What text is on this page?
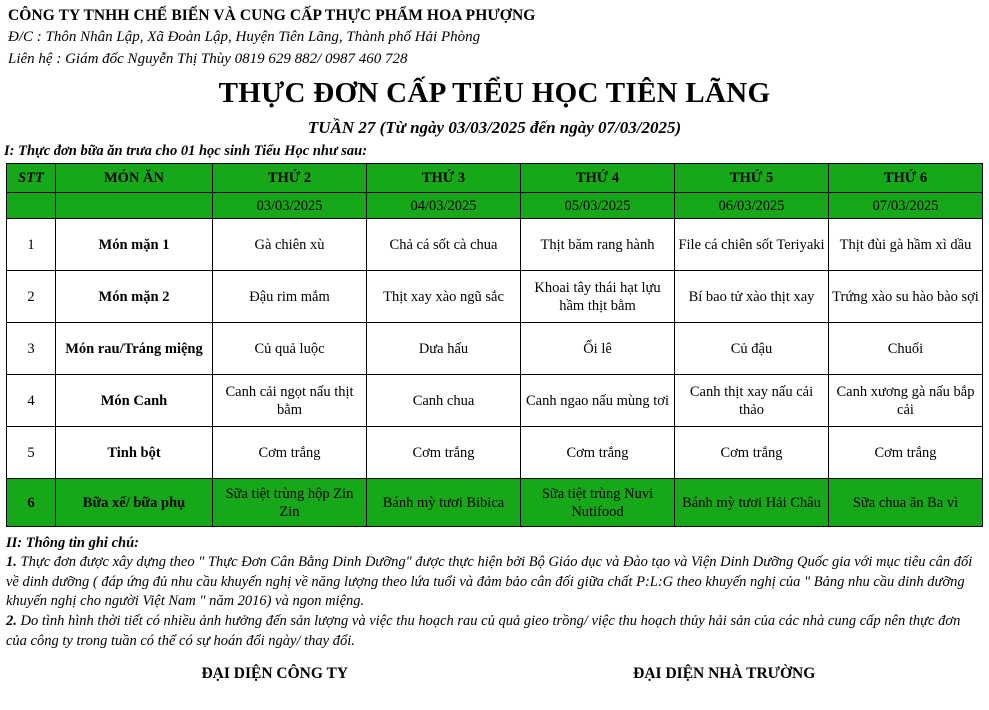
CÔNG TY TNHH CHẾ BIẾN VÀ CUNG CẤP THỰC PHẨM HOA PHƯỢNG
Đ/C : Thôn Nhân Lập, Xã Đoàn Lập, Huyện Tiên Lãng, Thành phố Hải Phòng
Liên hệ : Giám đốc Nguyễn Thị Thùy 0819 629 882/ 0987 460 728
THỰC ĐƠN CẤP TIỂU HỌC TIÊN LÃNG
TUẦN 27 (Từ ngày 03/03/2025 đến ngày 07/03/2025)
I: Thực đơn bữa ăn trưa cho 01 học sinh Tiểu Học như sau:
STT	MÓN ĂN	THỨ 2	THỨ 3	THỨ 4	THỨ 5	THỨ 6
		03/03/2025	04/03/2025	05/03/2025	06/03/2025	07/03/2025
1	Món mặn 1	Gà chiên xù	Chả cá sốt cà chua	Thịt băm rang hành	File cá chiên sốt Teriyaki	Thịt đùi gà hầm xì dầu
2	Món mặn 2	Đậu rim mắm	Thịt xay xào ngũ sắc	Khoai tây thái hạt lựu hầm thịt bằm	Bí bao tử xào thịt xay	Trứng xào su hào bào sợi
3	Món rau/Tráng miệng	Củ quả luộc	Dưa hấu	Ổi lê	Củ đậu	Chuối
4	Món Canh	Canh cải ngọt nấu thịt bằm	Canh chua	Canh ngao nấu mùng tơi	Canh thịt xay nấu cải thảo	Canh xương gà nấu bắp cải
5	Tinh bột	Cơm trắng	Cơm trắng	Cơm trắng	Cơm trắng	Cơm trắng
6	Bữa xế/ bữa phụ	Sữa tiệt trùng hộp Zin Zin	Bánh mỳ tươi Bibica	Sữa tiệt trùng Nuvi Nutifood	Bánh mỳ tươi Hải Châu	Sữa chua ăn Ba vì
II: Thông tin ghi chú:

1. Thực đơn được xây dựng theo " Thực Đơn Cân Bằng Dinh Dưỡng" được thực hiện bởi Bộ Giáo dục và Đào tạo và Viện Dinh Dưỡng Quốc gia với mục tiêu cân đối về dinh dưỡng ( đáp ứng đủ nhu cầu khuyến nghị về năng lượng theo lứa tuổi và đảm bảo cân đối giữa chất P:L:G theo khuyến nghị của " Bảng nhu cầu dinh dưỡng khuyến nghị cho người Việt Nam " năm 2016) và ngon miệng.

2. Do tình hình thời tiết có nhiều ảnh hưởng đến sản lượng và việc thu hoạch rau củ quả gieo trồng/ việc thu hoạch thủy hải sản của các nhà cung cấp nên thực đơn của công ty trong tuần có thể có sự hoán đổi ngày/ thay đổi.

ĐẠI DIỆN CÔNG TY	ĐẠI DIỆN NHÀ TRƯỜNG
